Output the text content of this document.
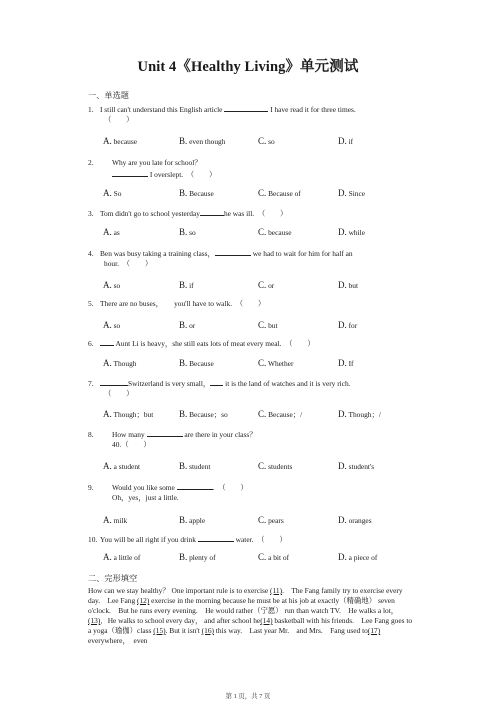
Unit 4《Healthy Living》单元测试
一、单选题
1. I still can't understand this English article	I have read it for three times.
（　　）
A. because	B. even though	C. so	D. if
2. Why are you late for school？
I overslept.　（　　）
A. So	B. Because	C. Because of	D. Since
3. Tom didn't go to school yesterday	he was ill.　（　　）
A. as	B. so	C. because	D. while
4. Ben was busy taking a training class，	we had to wait for him for half an
hour.　（　　）
A. so	B. if	C. or	D. but
5. There are no buses，　　you'll have to walk.　（　　）
A. so	B. or	C. but	D. for
6.	Aunt Li is heavy，she still eats lots of meat every meal.　（　　）
A. Though	B. Because	C. Whether	D. If
7.	Switzerland is very small， it is the land of watches and it is very rich.
（　　）
A. Though；but	B. Because；so	C. Because；/	D. Though；/
8. How many	are there in your class？
40.（　　）
A. a student	B. student	C. students	D. student's
9. Would you like some	.　（　　）
Oh，yes，just a little.
A. milk	B. apple	C. pears	D. oranges
10. You will be all right if you drink	water.　（　　）
A. a little of	B. plenty of	C. a bit of	D. a piece of
二、完形填空
How can we stay healthy？ One important rule is to exercise (11).　The Fang family try to exercise every day.　Lee Fang (12) exercise in the morning because he must be at his job at exactly（精确地） seven o'clock.　But he runs every evening.　He would rather（宁愿） run than watch TV.　He walks a lot，(13)．He walks to school every day， and after school he(14) basketball with his friends.　Lee Fang goes to a yoga（瑜伽）class (15). But it isn't (16) this way.　Last year Mr.　and Mrs.　Fang used to(17) everywhere，　even
第 1 页，共 7 页
